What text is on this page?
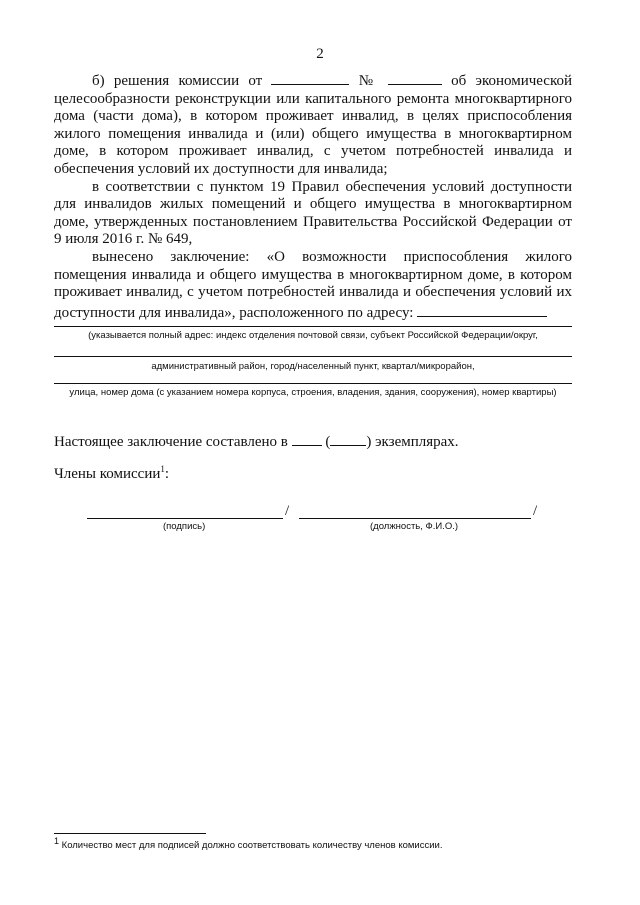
2

б) решения комиссии от	№	об экономической целесообразности реконструкции или капитального ремонта многоквартирного дома (части дома), в котором проживает инвалид, в целях приспособления жилого помещения инвалида и (или) общего имущества в многоквартирном доме, в котором проживает инвалид, с учетом потребностей инвалида и обеспечения условий их доступности для инвалида;

в соответствии с пунктом 19 Правил обеспечения условий доступности для инвалидов жилых помещений и общего имущества в многоквартирном доме, утвержденных постановлением Правительства Российской Федерации от 9 июля 2016 г. № 649,

вынесено заключение: «О возможности приспособления жилого помещения инвалида и общего имущества в многоквартирном доме, в котором проживает инвалид, с учетом потребностей инвалида и обеспечения условий их доступности для инвалида», расположенного по адресу:

(указывается полный адрес: индекс отделения почтовой связи, субъект Российской Федерации/округ,
административный район, город/населенный пункт, квартал/микрорайон,
улица, номер дома (с указанием номера корпуса, строения, владения, здания, сооружения), номер квартиры)
Настоящее заключение составлено в	( ) экземплярах.
Члены комиссии$^1$:
/	/
(подпись)	(должность, Ф.И.О.)
$^1$ Количество мест для подписей должно соответствовать количеству членов комиссии.
